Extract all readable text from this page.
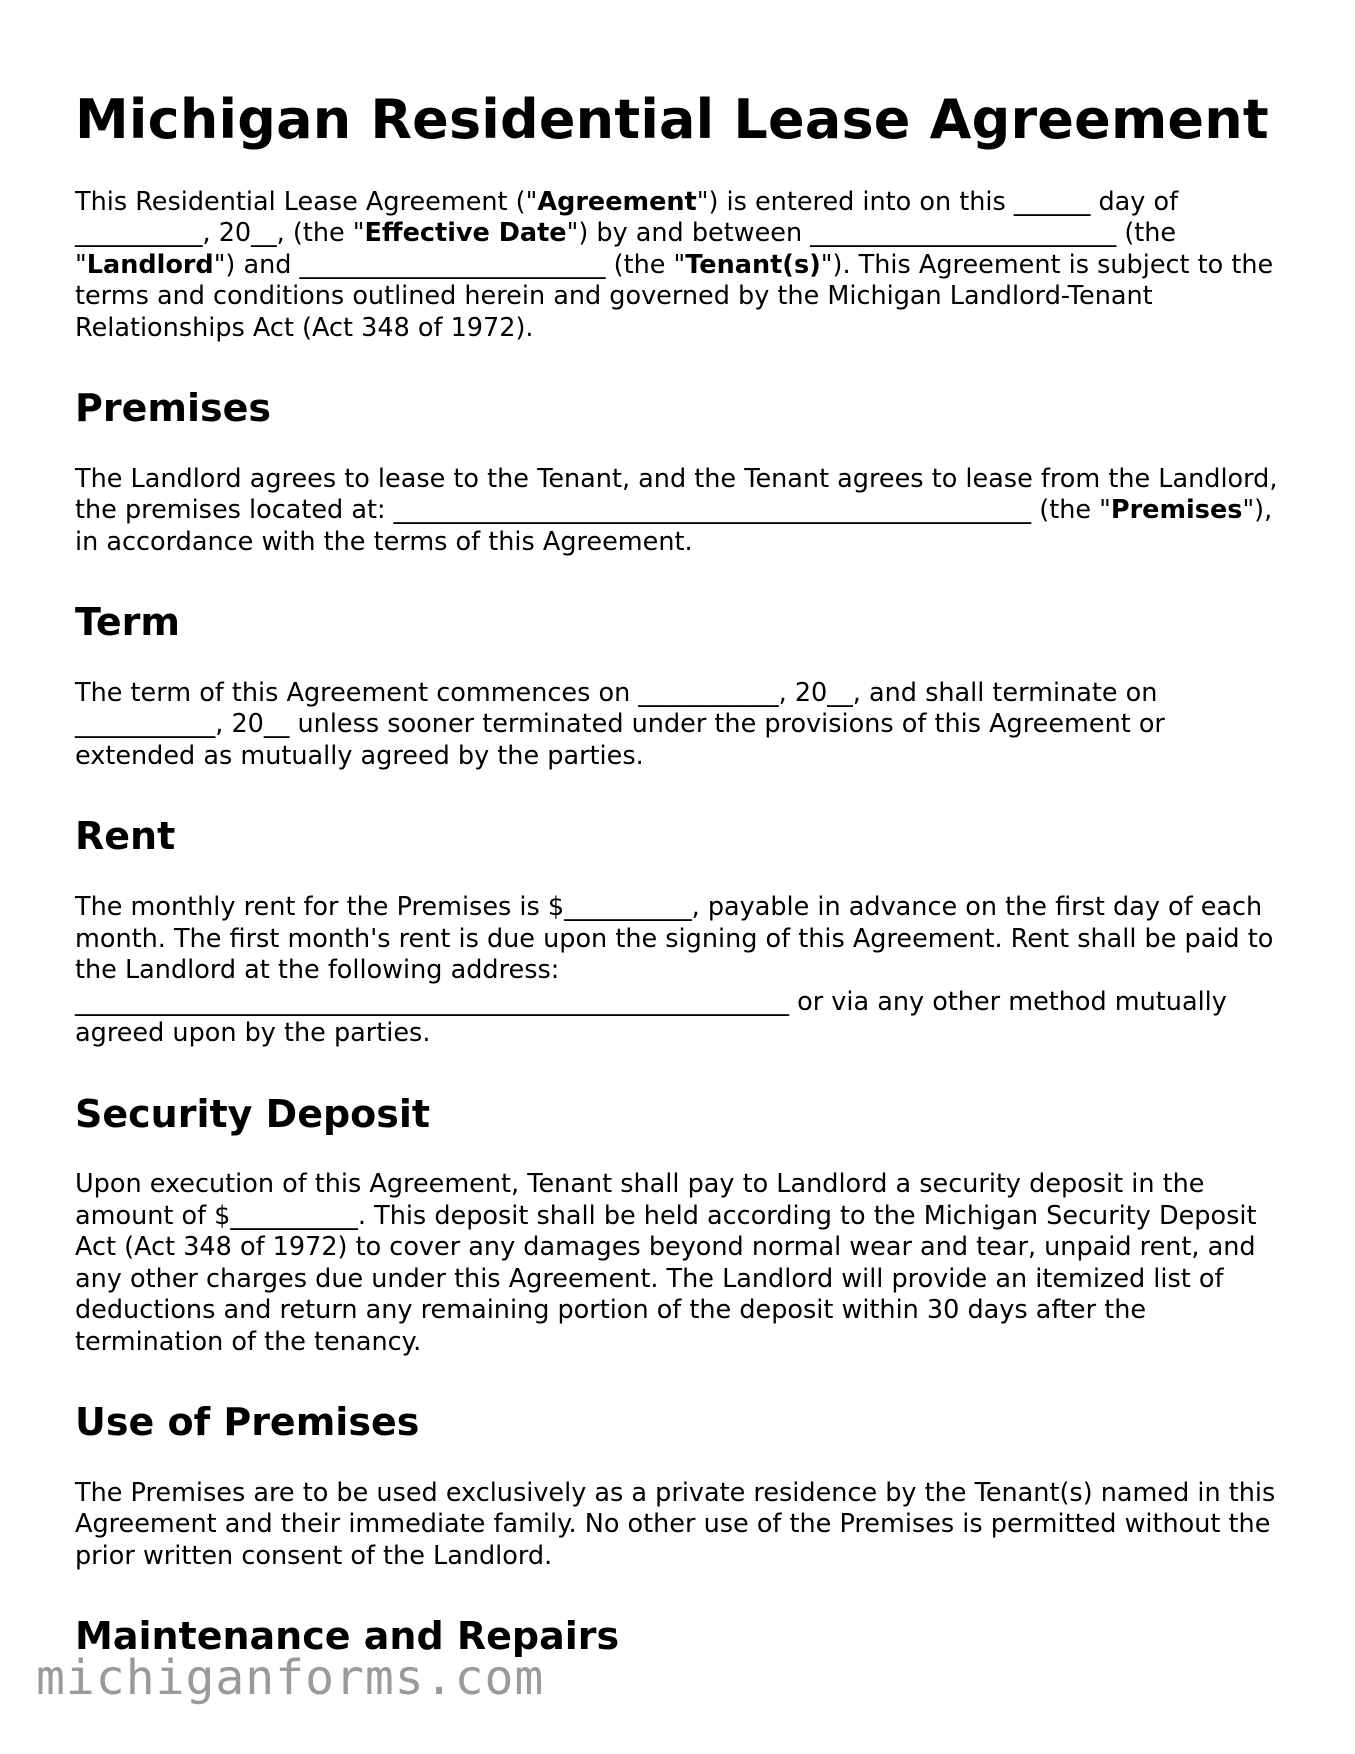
Michigan Residential Lease Agreement

This Residential Lease Agreement ("Agreement") is entered into on this ______ day of __________, 20__, (the "Effective Date") by and between ________________________ (the "Landlord") and ________________________ (the "Tenant(s)"). This Agreement is subject to the terms and conditions outlined herein and governed by the Michigan Landlord-Tenant Relationships Act (Act 348 of 1972).

Premises

The Landlord agrees to lease to the Tenant, and the Tenant agrees to lease from the Landlord, the premises located at: __________________________________________________ (the "Premises"), in accordance with the terms of this Agreement.

Term

The term of this Agreement commences on ___________, 20__, and shall terminate on ___________, 20__ unless sooner terminated under the provisions of this Agreement or extended as mutually agreed by the parties.

Rent

The monthly rent for the Premises is $__________, payable in advance on the first day of each month. The first month's rent is due upon the signing of this Agreement. Rent shall be paid to the Landlord at the following address: ________________________________________________________ or via any other method mutually agreed upon by the parties.

Security Deposit

Upon execution of this Agreement, Tenant shall pay to Landlord a security deposit in the amount of $__________. This deposit shall be held according to the Michigan Security Deposit Act (Act 348 of 1972) to cover any damages beyond normal wear and tear, unpaid rent, and any other charges due under this Agreement. The Landlord will provide an itemized list of deductions and return any remaining portion of the deposit within 30 days after the termination of the tenancy.

Use of Premises

The Premises are to be used exclusively as a private residence by the Tenant(s) named in this Agreement and their immediate family. No other use of the Premises is permitted without the prior written consent of the Landlord.

Maintenance and Repairs
michiganforms.com
